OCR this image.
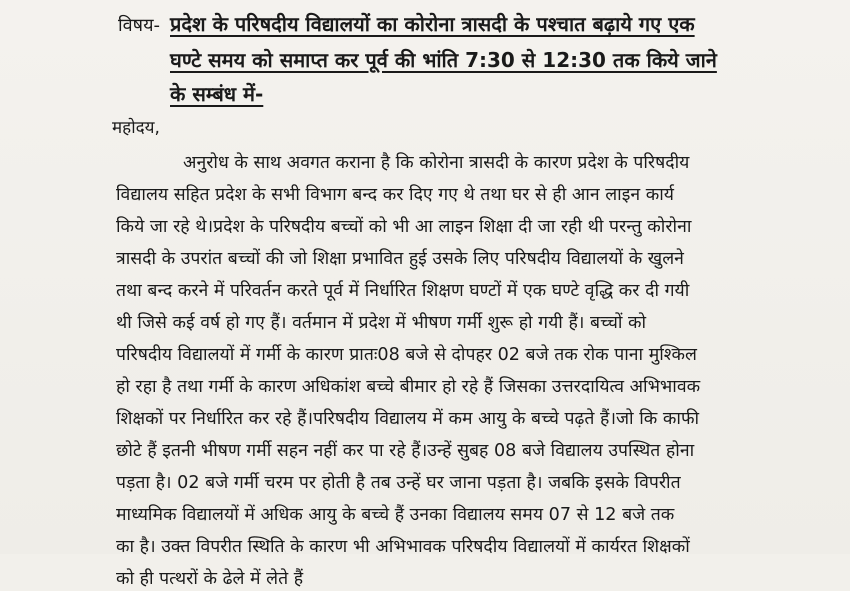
विषय- प्रदेश के परिषदीय विद्यालयों का कोरोना त्रासदी के पश्चात बढ़ाये गए एक
घण्टे समय को समाप्त कर पूर्व की भांति 7:30 से 12:30 तक किये जाने
के सम्बंध में-
महोदय,
अनुरोध के साथ अवगत कराना है कि कोरोना त्रासदी के कारण प्रदेश के परिषदीय
विद्यालय सहित प्रदेश के सभी विभाग बन्द कर दिए गए थे तथा घर से ही आन लाइन कार्य
किये जा रहे थे।प्रदेश के परिषदीय बच्चों को भी आ लाइन शिक्षा दी जा रही थी परन्तु कोरोना
त्रासदी के उपरांत बच्चों की जो शिक्षा प्रभावित हुई उसके लिए परिषदीय विद्यालयों के खुलने
तथा बन्द करने में परिवर्तन करते पूर्व में निर्धारित शिक्षण घण्टों में एक घण्टे वृद्धि कर दी गयी
थी जिसे कई वर्ष हो गए हैं। वर्तमान में प्रदेश में भीषण गर्मी शुरू हो गयी हैं। बच्चों को
परिषदीय विद्यालयों में गर्मी के कारण प्रातः08 बजे से दोपहर 02 बजे तक रोक पाना मुश्किल
हो रहा है तथा गर्मी के कारण अधिकांश बच्चे बीमार हो रहे हैं जिसका उत्तरदायित्व अभिभावक
शिक्षकों पर निर्धारित कर रहे हैं।परिषदीय विद्यालय में कम आयु के बच्चे पढ़ते हैं।जो कि काफी
छोटे हैं इतनी भीषण गर्मी सहन नहीं कर पा रहे हैं।उन्हें सुबह 08 बजे विद्यालय उपस्थित होना
पड़ता है। 02 बजे गर्मी चरम पर होती है तब उन्हें घर जाना पड़ता है। जबकि इसके विपरीत
माध्यमिक विद्यालयों में अधिक आयु के बच्चे हैं उनका विद्यालय समय 07 से 12 बजे तक
का है। उक्त विपरीत स्थिति के कारण भी अभिभावक परिषदीय विद्यालयों में कार्यरत शिक्षकों
को ही पत्थरों के ढेले में लेते हैं
